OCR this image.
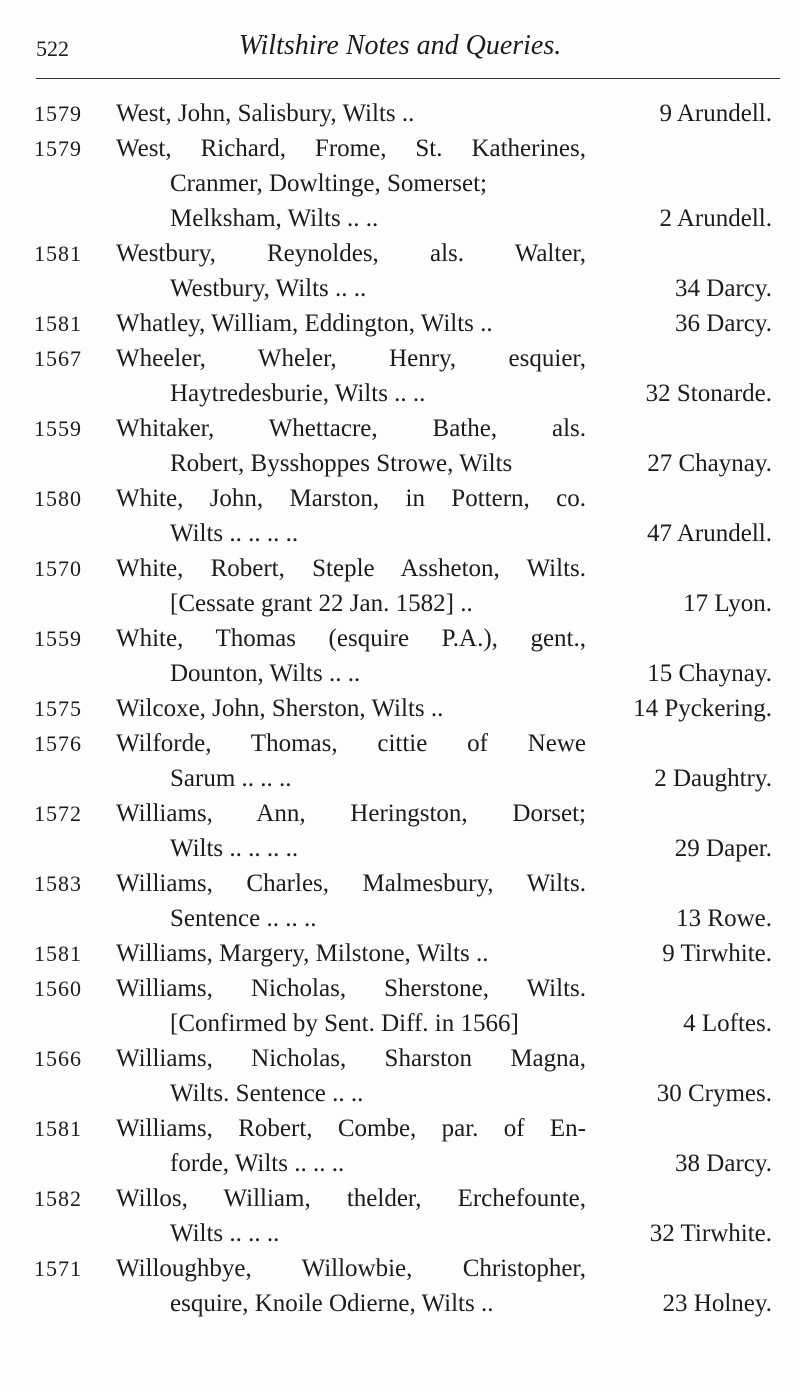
522	Wiltshire Notes and Queries.
1579 West, John, Salisbury, Wilts ..	9 Arundell.
1579 West, Richard, Frome, St. Katherines,
Cranmer, Dowltinge, Somerset;
Melksham, Wilts .. ..	2 Arundell.
1581 Westbury, Reynoldes, als. Walter,
Westbury, Wilts .. ..	34 Darcy.
1581 Whatley, William, Eddington, Wilts ..	36 Darcy.
1567 Wheeler, Wheler, Henry, esquier,
Haytredesburie, Wilts .. ..	32 Stonarde.
1559 Whitaker, Whettacre, Bathe, als.
Robert, Bysshoppes Strowe, Wilts	27 Chaynay.
1580 White, John, Marston, in Pottern, co.
Wilts .. .. .. ..	47 Arundell.
1570 White, Robert, Steple Assheton, Wilts.
[Cessate grant 22 Jan. 1582] ..	17 Lyon.
1559 White, Thomas (esquire P.A.), gent.,
Dounton, Wilts .. ..	15 Chaynay.
1575 Wilcoxe, John, Sherston, Wilts ..	14 Pyckering.
1576 Wilforde, Thomas, cittie of Newe
Sarum .. .. ..	2 Daughtry.
1572 Williams, Ann, Heringston, Dorset;
Wilts .. .. .. ..	29 Daper.
1583 Williams, Charles, Malmesbury, Wilts.
Sentence .. .. ..	13 Rowe.
1581 Williams, Margery, Milstone, Wilts ..	9 Tirwhite.
1560 Williams, Nicholas, Sherstone, Wilts.
[Confirmed by Sent. Diff. in 1566]	4 Loftes.
1566 Williams, Nicholas, Sharston Magna,
Wilts. Sentence .. ..	30 Crymes.
1581 Williams, Robert, Combe, par. of En-
forde, Wilts .. .. ..	38 Darcy.
1582 Willos, William, thelder, Erchefounte,
Wilts .. .. ..	32 Tirwhite.
1571 Willoughbye, Willowbie, Christopher,
esquire, Knoile Odierne, Wilts ..	23 Holney.
